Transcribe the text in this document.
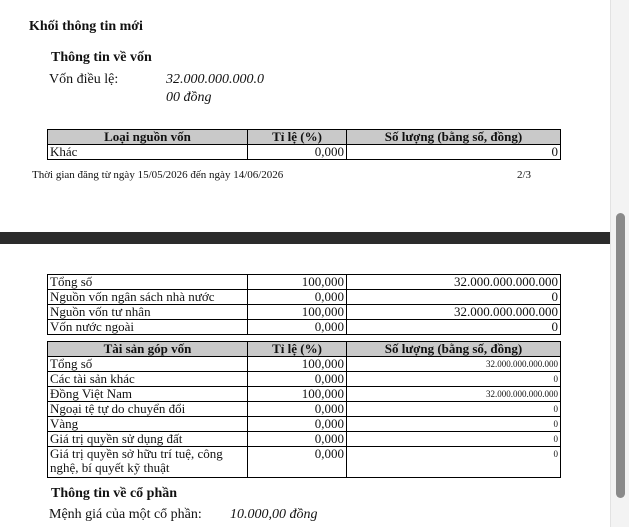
Khối thông tin mới
Thông tin về vốn
Vốn điều lệ:	32.000.000.000.0
00 đồng
Loại nguồn vốn	Tỉ lệ (%)	Số lượng (bằng số, đồng)
Khác	0,000	0
Thời gian đăng từ ngày 15/05/2026 đến ngày 14/06/2026	2/3
Tổng số	100,000	32.000.000.000.000
Nguồn vốn ngân sách nhà nước	0,000	0
Nguồn vốn tư nhân	100,000	32.000.000.000.000
Vốn nước ngoài	0,000	0
Tài sản góp vốn	Tỉ lệ (%)	Số lượng (bằng số, đồng)
Tổng số	100,000	32.000.000.000.000
Các tài sản khác	0,000	0
Đồng Việt Nam	100,000	32.000.000.000.000
Ngoại tệ tự do chuyển đổi	0,000	0
Vàng	0,000	0
Giá trị quyền sử dụng đất	0,000	0
Giá trị quyền sở hữu trí tuệ, công nghệ, bí quyết kỹ thuật	0,000	0
Thông tin về cổ phần
Mệnh giá của một cổ phần: 10.000,00 đồng
